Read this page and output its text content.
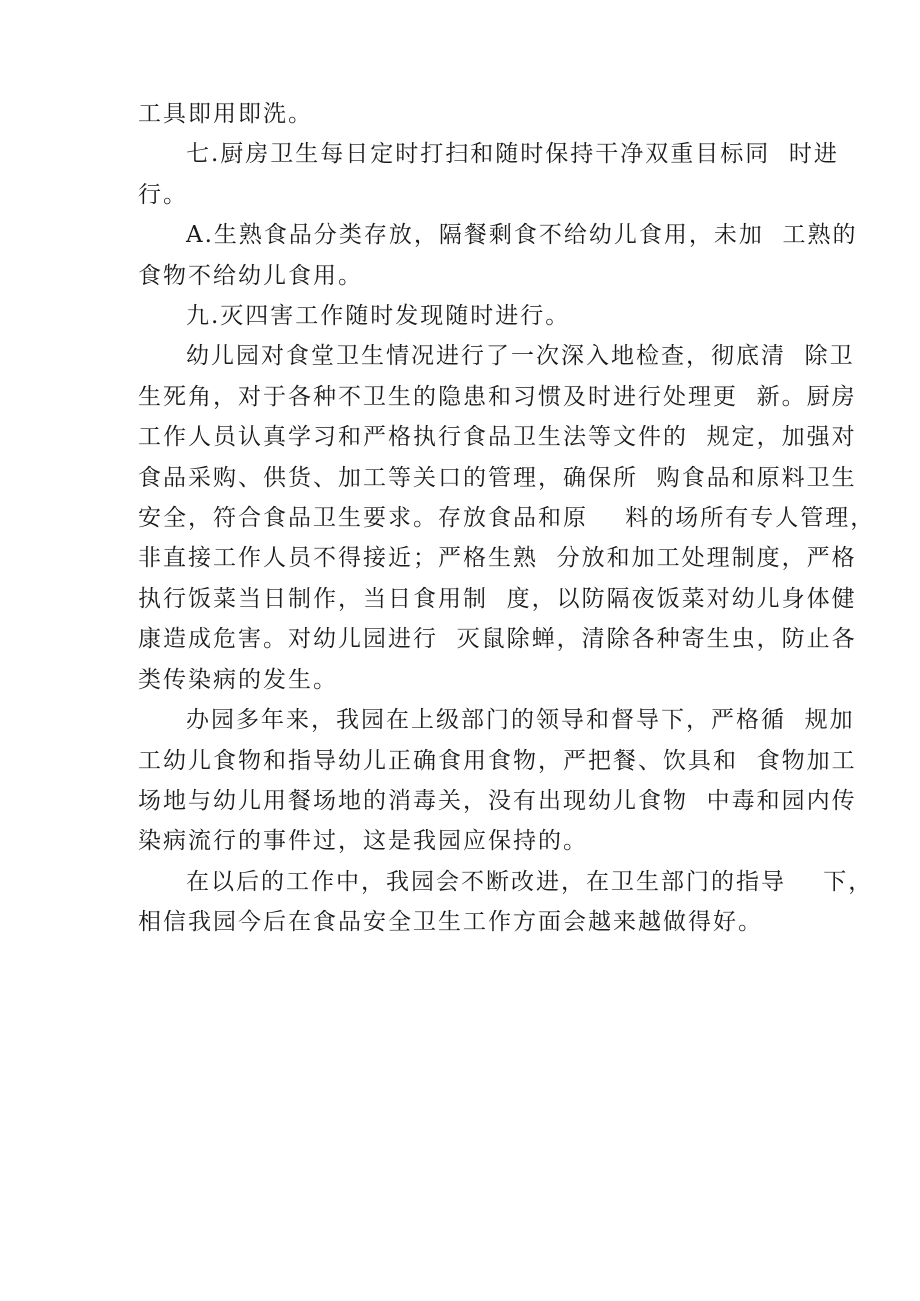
工具即用即洗。
七.厨房卫生每日定时打扫和随时保持干净双重目标同  时进
行。
A.生熟食品分类存放，隔餐剩食不给幼儿食用，未加  工熟的
食物不给幼儿食用。
九.灭四害工作随时发现随时进行。
幼儿园对食堂卫生情况进行了一次深入地检查，彻底清  除卫
生死角，对于各种不卫生的隐患和习惯及时进行处理更  新。厨房
工作人员认真学习和严格执行食品卫生法等文件的  规定，加强对
食品采购、供货、加工等关口的管理，确保所  购食品和原料卫生
安全，符合食品卫生要求。存放食品和原    料的场所有专人管理，
非直接工作人员不得接近；严格生熟  分放和加工处理制度，严格
执行饭菜当日制作，当日食用制  度，以防隔夜饭菜对幼儿身体健
康造成危害。对幼儿园进行  灭鼠除蝉，清除各种寄生虫，防止各
类传染病的发生。
办园多年来，我园在上级部门的领导和督导下，严格循  规加
工幼儿食物和指导幼儿正确食用食物，严把餐、饮具和  食物加工
场地与幼儿用餐场地的消毒关，没有出现幼儿食物  中毒和园内传
染病流行的事件过，这是我园应保持的。
在以后的工作中，我园会不断改进，在卫生部门的指导    下，
相信我园今后在食品安全卫生工作方面会越来越做得好。
